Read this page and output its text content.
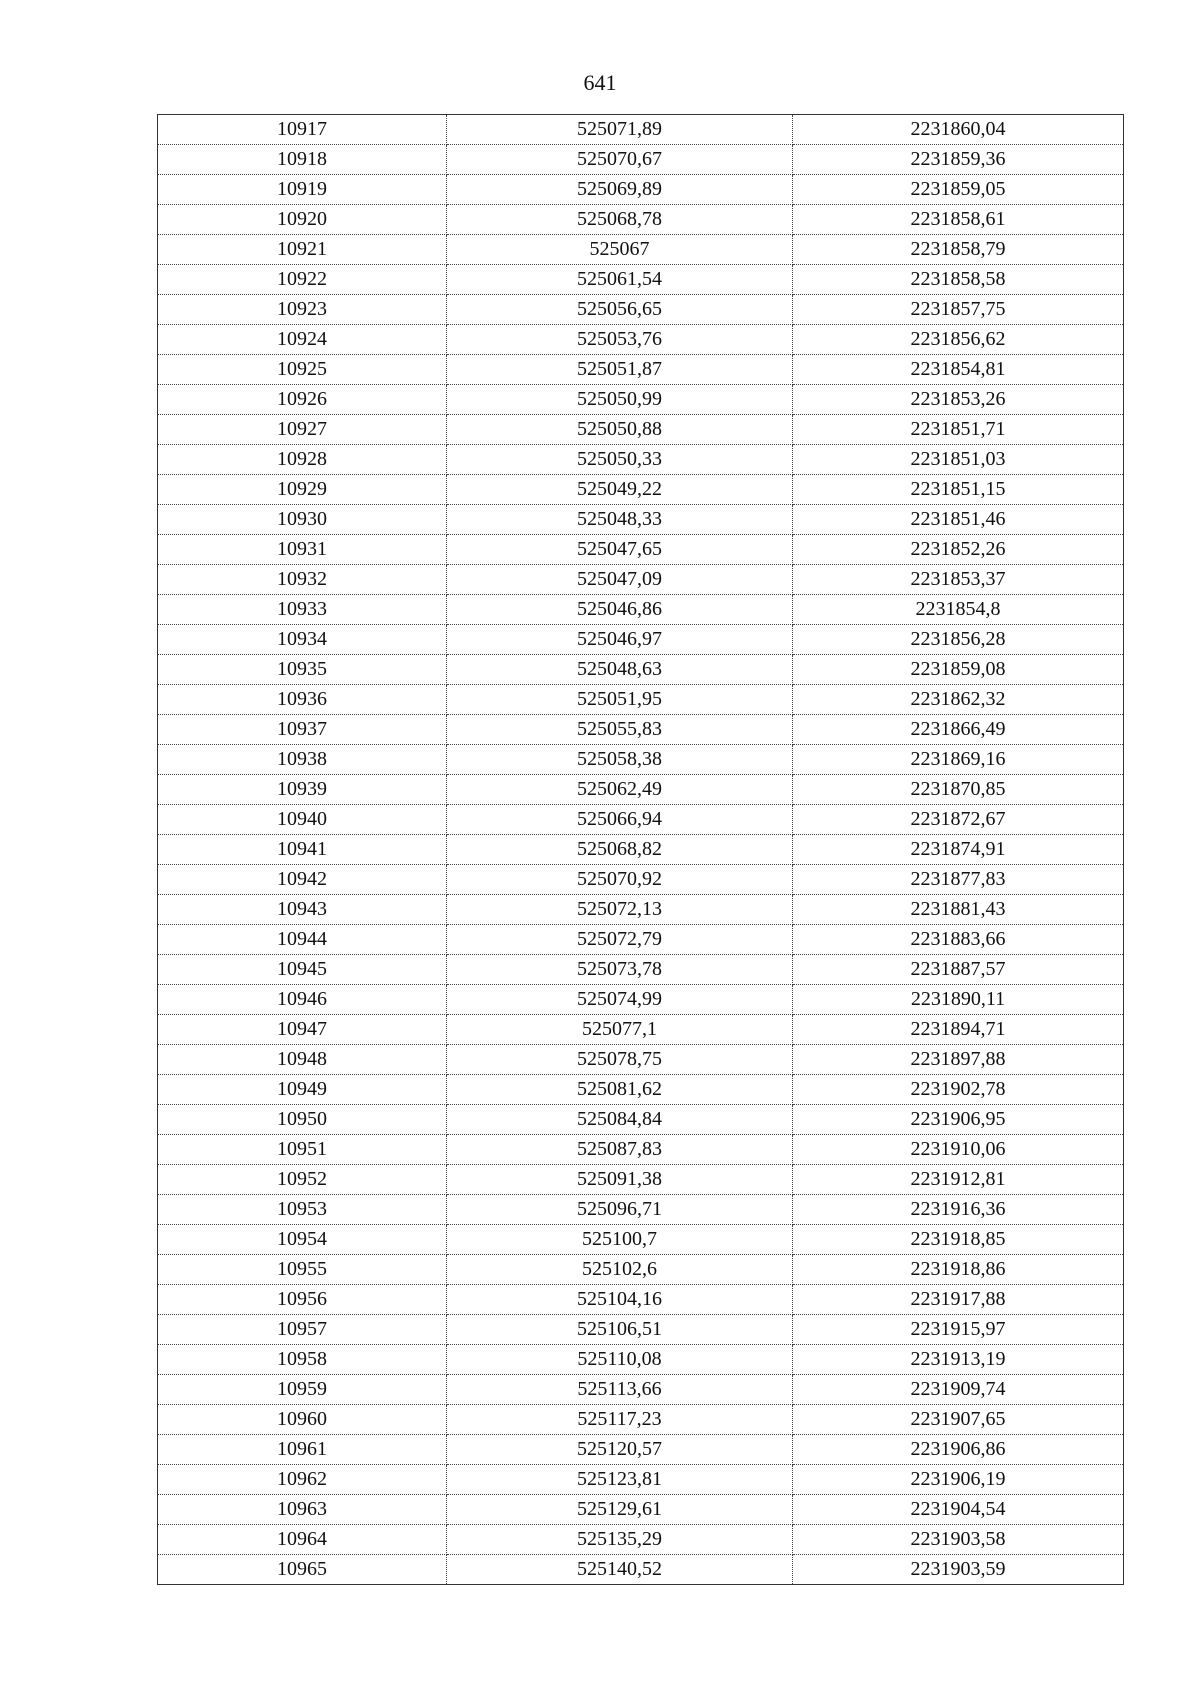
641
10917	525071,89	2231860,04
10918	525070,67	2231859,36
10919	525069,89	2231859,05
10920	525068,78	2231858,61
10921	525067	2231858,79
10922	525061,54	2231858,58
10923	525056,65	2231857,75
10924	525053,76	2231856,62
10925	525051,87	2231854,81
10926	525050,99	2231853,26
10927	525050,88	2231851,71
10928	525050,33	2231851,03
10929	525049,22	2231851,15
10930	525048,33	2231851,46
10931	525047,65	2231852,26
10932	525047,09	2231853,37
10933	525046,86	2231854,8
10934	525046,97	2231856,28
10935	525048,63	2231859,08
10936	525051,95	2231862,32
10937	525055,83	2231866,49
10938	525058,38	2231869,16
10939	525062,49	2231870,85
10940	525066,94	2231872,67
10941	525068,82	2231874,91
10942	525070,92	2231877,83
10943	525072,13	2231881,43
10944	525072,79	2231883,66
10945	525073,78	2231887,57
10946	525074,99	2231890,11
10947	525077,1	2231894,71
10948	525078,75	2231897,88
10949	525081,62	2231902,78
10950	525084,84	2231906,95
10951	525087,83	2231910,06
10952	525091,38	2231912,81
10953	525096,71	2231916,36
10954	525100,7	2231918,85
10955	525102,6	2231918,86
10956	525104,16	2231917,88
10957	525106,51	2231915,97
10958	525110,08	2231913,19
10959	525113,66	2231909,74
10960	525117,23	2231907,65
10961	525120,57	2231906,86
10962	525123,81	2231906,19
10963	525129,61	2231904,54
10964	525135,29	2231903,58
10965	525140,52	2231903,59
